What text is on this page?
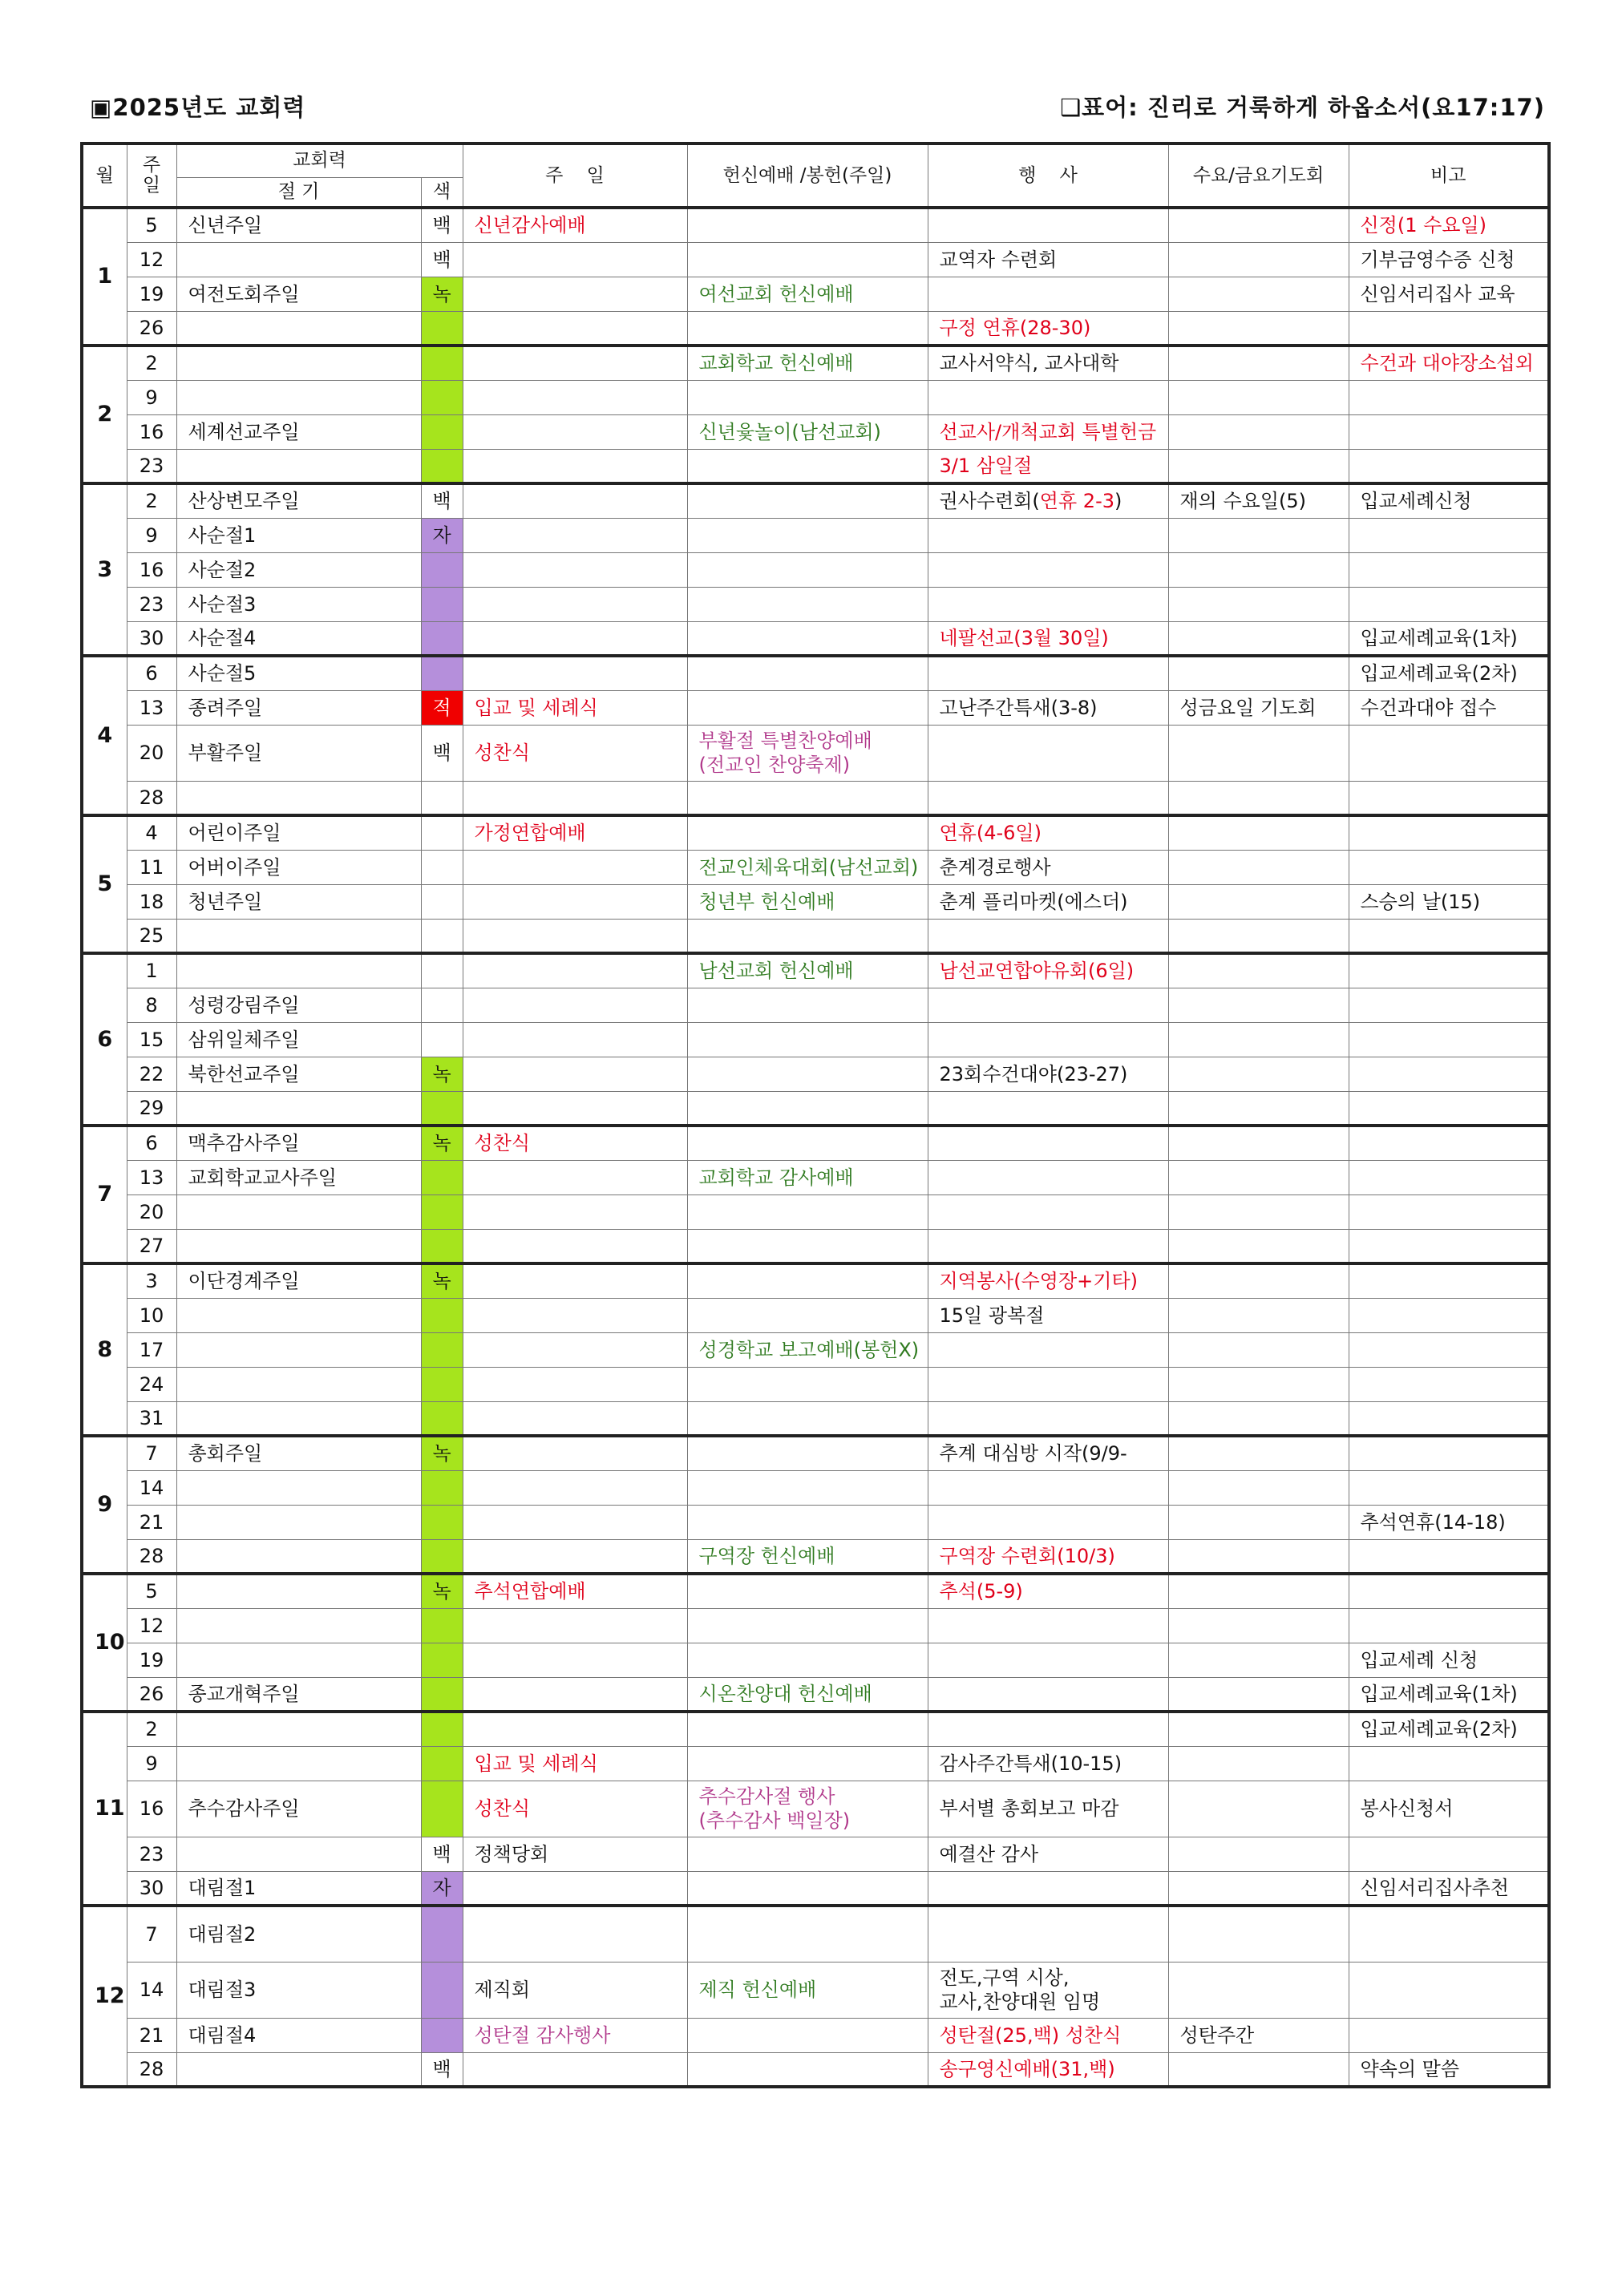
▣2025년도 교회력	❑표어: 진리로 거룩하게 하옵소서(요17:17)
월	주일	교회력		주    일	헌신예배 /봉헌(주일)	행    사	수요/금요기도회	비고
		절 기	색					
1	5	신년주일	백	신년감사예배				신정(1 수요일)
	12		백			교역자 수련회		기부금영수증 신청
	19	여전도회주일	녹		여선교회 헌신예배			신임서리집사 교육
	26					구정 연휴(28-30)		
2	2				교회학교 헌신예배	교사서약식, 교사대학		수건과 대야장소섭외
	9							
	16	세계선교주일			신년윷놀이(남선교회)	선교사/개척교회 특별헌금		
	23					3/1 삼일절		
3	2	산상변모주일	백			권사수련회(연휴 2-3)	재의 수요일(5)	입교세례신청
	9	사순절1	자					
	16	사순절2						
	23	사순절3						
	30	사순절4				네팔선교(3월 30일)		입교세례교육(1차)
4	6	사순절5						입교세례교육(2차)
	13	종려주일	적	입교 및 세례식		고난주간특새(3-8)	성금요일 기도회	수건과대야 접수
	20	부활주일	백	성찬식	부활절 특별찬양예배
(전교인 찬양축제)			
	28							
5	4	어린이주일		가정연합예배		연휴(4-6일)		
	11	어버이주일			전교인체육대회(남선교회)	춘계경로행사		
	18	청년주일			청년부 헌신예배	춘계 플리마켓(에스더)		스승의 날(15)
	25							
6	1				남선교회 헌신예배	남선교연합야유회(6일)		
	8	성령강림주일						
	15	삼위일체주일						
	22	북한선교주일	녹			23회수건대야(23-27)		
	29							
7	6	맥추감사주일	녹	성찬식				
	13	교회학교교사주일			교회학교 감사예배			
	20							
	27							
8	3	이단경계주일	녹			지역봉사(수영장+기타)		
	10					15일 광복절		
	17				성경학교 보고예배(봉헌X)			
	24							
	31							
9	7	총회주일	녹			추계 대심방 시작(9/9-		
	14							
	21							추석연휴(14-18)
	28				구역장 헌신예배	구역장 수련회(10/3)		
10	5		녹	추석연합예배		추석(5-9)		
	12							
	19							입교세례 신청
	26	종교개혁주일			시온찬양대 헌신예배			입교세례교육(1차)
11	2							입교세례교육(2차)
	9			입교 및 세례식		감사주간특새(10-15)		
	16	추수감사주일		성찬식	추수감사절 행사
(추수감사 백일장)	부서별 총회보고 마감		봉사신청서
	23		백	정책당회		예결산 감사		
	30	대림절1	자					신임서리집사추천
12	7	대림절2						
	14	대림절3		제직회	제직 헌신예배	전도,구역 시상,
교사,찬양대원 임명		
	21	대림절4		성탄절 감사행사		성탄절(25,백) 성찬식	성탄주간	
	28		백			송구영신예배(31,백)		약속의 말씀
